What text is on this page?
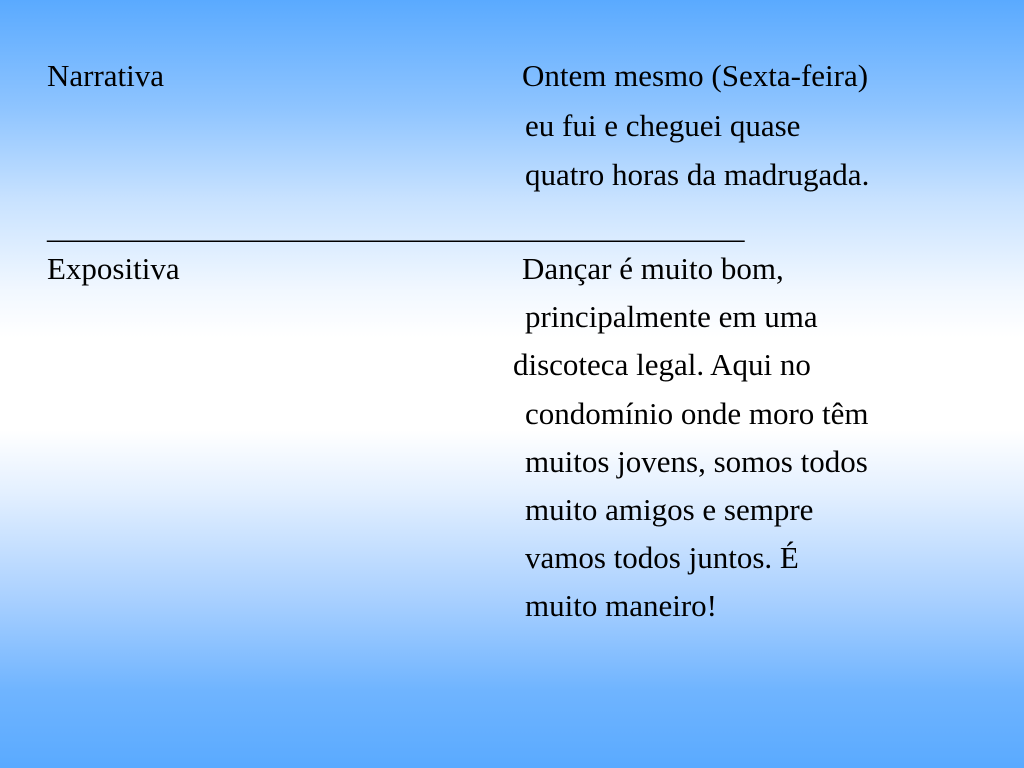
Narrativa	Ontem mesmo (Sexta-feira)

eu fui e cheguei quase

quatro horas da madrugada.

_____________________________________________

Expositiva	Dançar é muito bom,

principalmente em uma

discoteca legal. Aqui no

condomínio onde moro têm

muitos jovens, somos todos

muito amigos e sempre

vamos todos juntos. É

muito maneiro!
